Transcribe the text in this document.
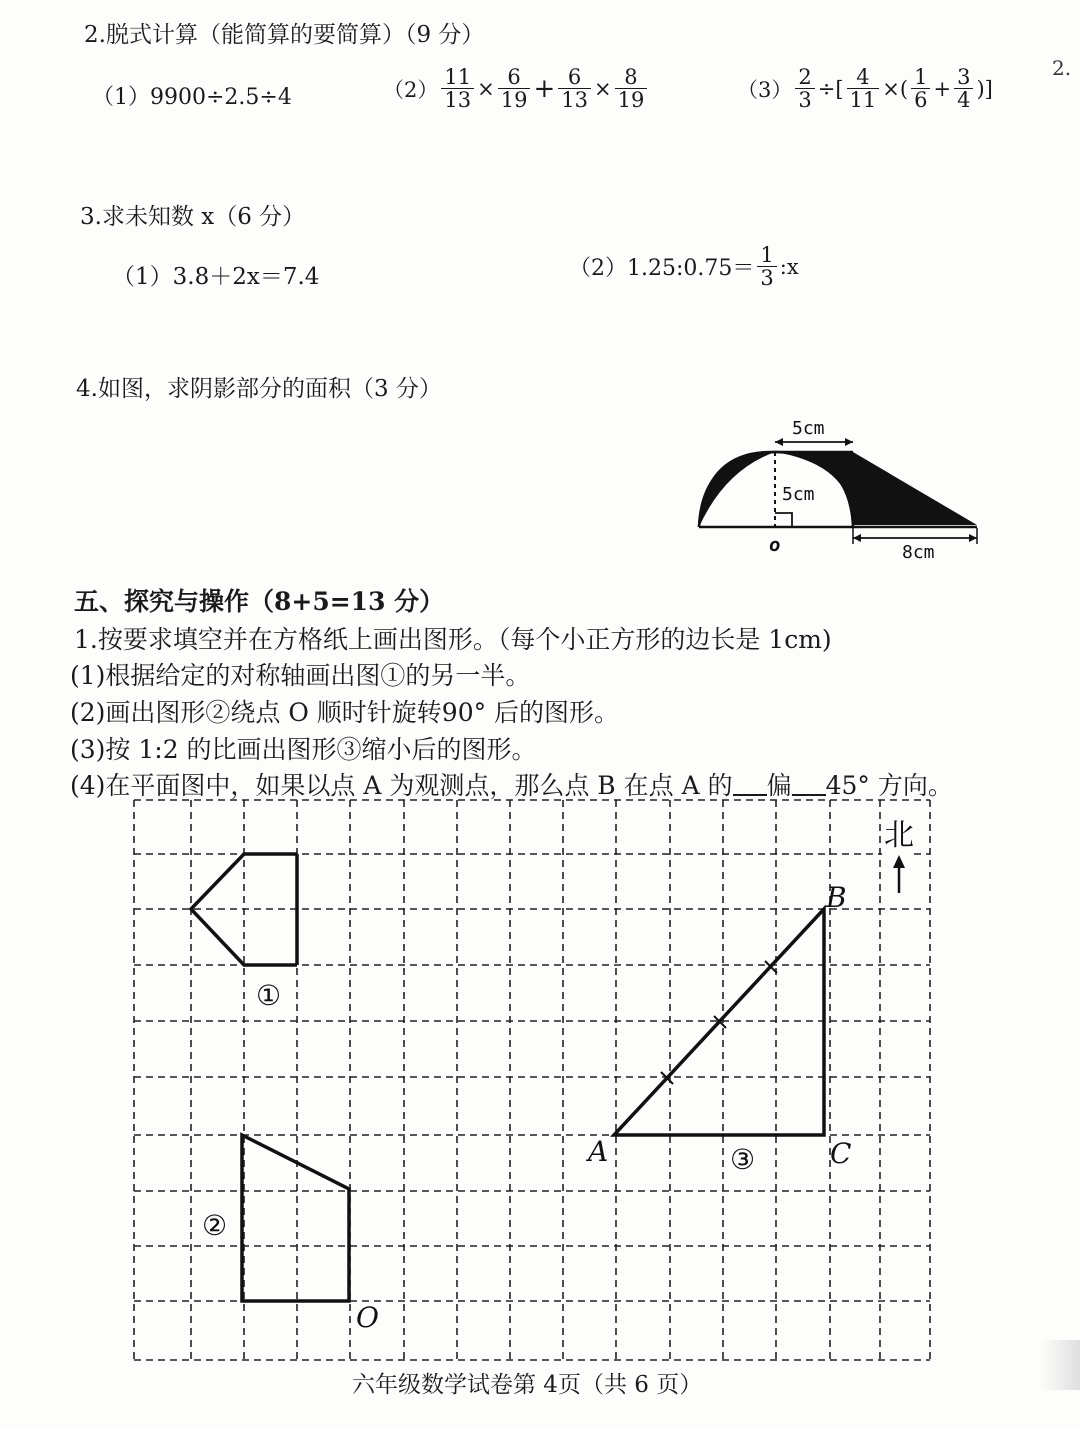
2.
2.脱式计算（能简算的要简算）（9 分）
（1）9900÷2.5÷4	$(2) \frac{11}{13} \times \frac{6}{19} + \frac{6}{13} \times \frac{8}{19}$	$(3) \frac{2}{3}$ ÷[ $\frac{4}{11}$ ×( 1
$6 + \frac{3}{4}$ )]
3.求未知数 x（6 分）
（1）3.8＋2x＝7.4	（2）1.25:0.75＝
1
3 :x
4.如图，求阴影部分的面积（3 分）
5cm
5cm
o	8cm
五、探究与操作（8+5=13 分）
1.按要求填空并在方格纸上画出图形。（每个小正方形的边长是 1cm)
(1)根据给定的对称轴画出图①的另一半。
(2)画出图形②绕点 O 顺时针旋转90° 后的图形。
(3)按 1:2 的比画出图形③缩小后的图形。
(4)在平面图中，如果以点 A 为观测点，那么点 B 在点 A 的 偏 45° 方向。
①
②
O
A
B
C
③
北
六年级数学试卷第 4页（共 6 页）
